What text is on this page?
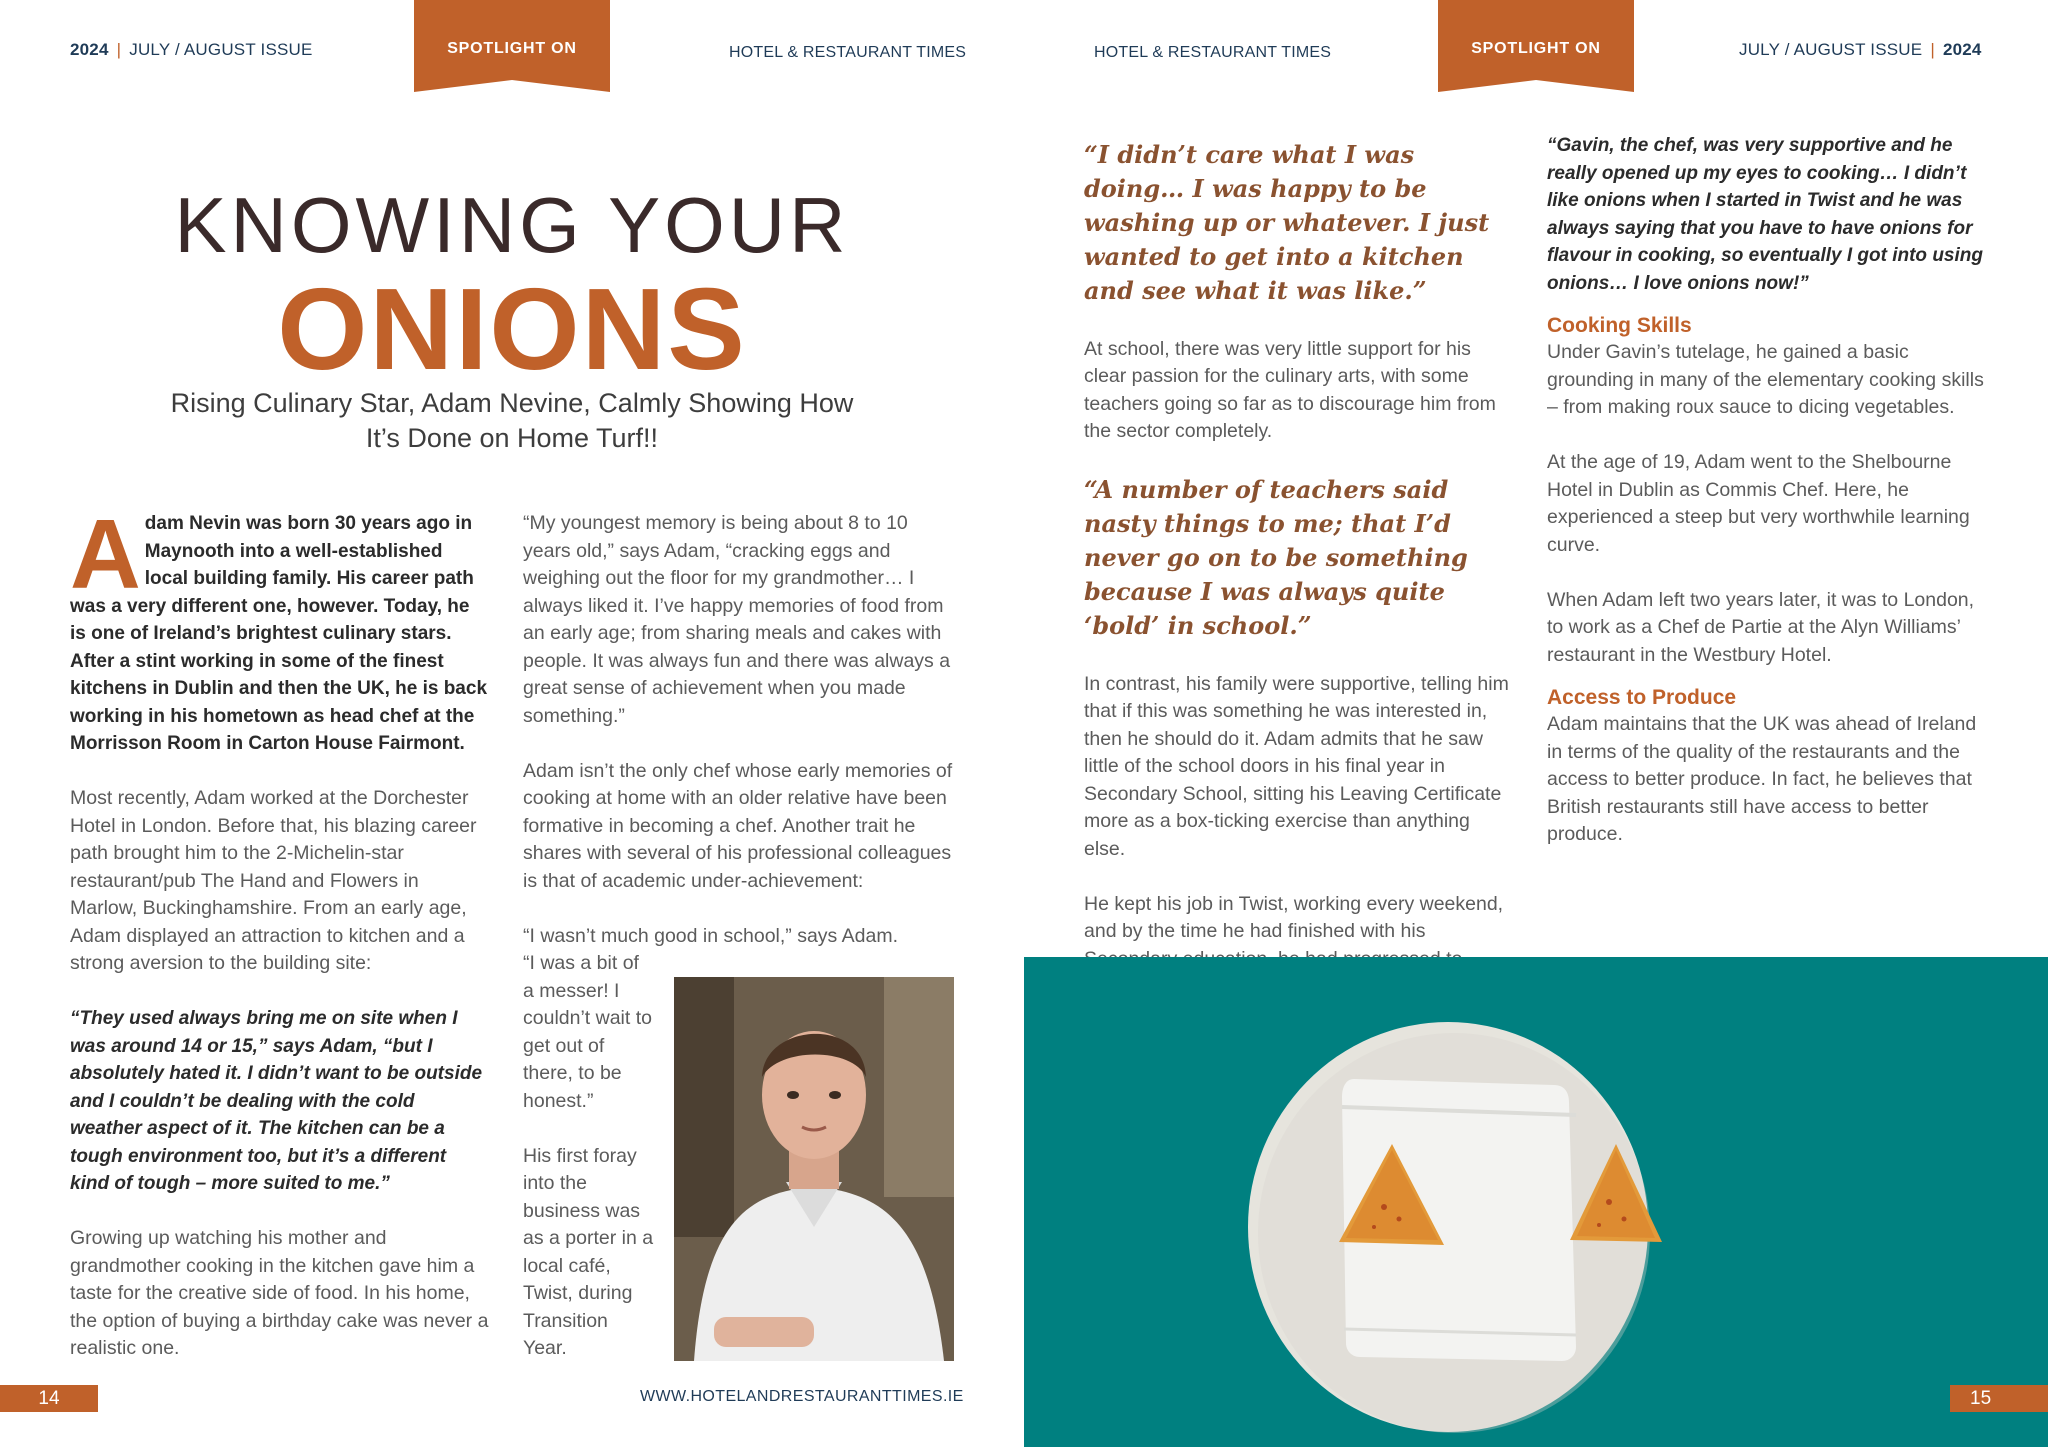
2024 | JULY / AUGUST ISSUE	SPOTLIGHT ON	HOTEL & RESTAURANT TIMES
KNOWING YOUR
ONIONS
Rising Culinary Star, Adam Nevine, Calmly Showing How It’s Done on Home Turf!!

Adam Nevin was born 30 years ago in Maynooth into a well-established local building family. His career path was a very different one, however. Today, he is one of Ireland’s brightest culinary stars. After a stint working in some of the finest kitchens in Dublin and then the UK, he is back working in his hometown as head chef at the Morrisson Room in Carton House Fairmont.

Most recently, Adam worked at the Dorchester Hotel in London. Before that, his blazing career path brought him to the 2-Michelin-star restaurant/pub The Hand and Flowers in Marlow, Buckinghamshire. From an early age, Adam displayed an attraction to kitchen and a strong aversion to the building site:

“They used always bring me on site when I was around 14 or 15,” says Adam, “but I absolutely hated it. I didn’t want to be outside and I couldn’t be dealing with the cold weather aspect of it. The kitchen can be a tough environment too, but it’s a different kind of tough – more suited to me.”

Growing up watching his mother and grandmother cooking in the kitchen gave him a taste for the creative side of food. In his home, the option of buying a birthday cake was never a realistic one.

“My youngest memory is being about 8 to 10 years old,” says Adam, “cracking eggs and weighing out the floor for my grandmother… I always liked it. I’ve happy memories of food from an early age; from sharing meals and cakes with people. It was always fun and there was always a great sense of achievement when you made something.”

Adam isn’t the only chef whose early memories of cooking at home with an older relative have been formative in becoming a chef. Another trait he shares with several of his professional colleagues is that of academic under-achievement:

“I wasn’t much good in school,” says Adam.

“I was a bit of a messer! I couldn’t wait to get out of there, to be honest.”

His first foray into the business was as a porter in a local café, Twist, during Transition Year.

14	WWW.HOTELANDRESTAURANTTIMES.IE
HOTEL & RESTAURANT TIMES	SPOTLIGHT ON	JULY / AUGUST ISSUE | 2024

“I didn’t care what I was doing… I was happy to be washing up or whatever. I just wanted to get into a kitchen and see what it was like.”

At school, there was very little support for his clear passion for the culinary arts, with some teachers going so far as to discourage him from the sector completely.

“A number of teachers said nasty things to me; that I’d never go on to be something because I was always quite ‘bold’ in school.”

In contrast, his family were supportive, telling him that if this was something he was interested in, then he should do it. Adam admits that he saw little of the school doors in his final year in Secondary School, sitting his Leaving Certificate more as a box-ticking exercise than anything else.

He kept his job in Twist, working every weekend, and by the time he had finished with his

“Gavin, the chef, was very supportive and he really opened up my eyes to cooking… I didn’t like onions when I started in Twist and he was always saying that you have to have onions for flavour in cooking, so eventually I got into using onions… I love onions now!”

Cooking Skills

Under Gavin’s tutelage, he gained a basic grounding in many of the elementary cooking skills – from making roux sauce to dicing vegetables.

At the age of 19, Adam went to the Shelbourne Hotel in Dublin as Commis Chef. Here, he experienced a steep but very worthwhile learning curve.

When Adam left two years later, it was to London, to work as a Chef de Partie at the Alyn Williams’ restaurant in the Westbury Hotel.

Access to Produce

Adam maintains that the UK was ahead of Ireland in terms of the quality of the restaurants and the access to better produce. In fact, he believes that British restaurants still have access to better produce.

15
